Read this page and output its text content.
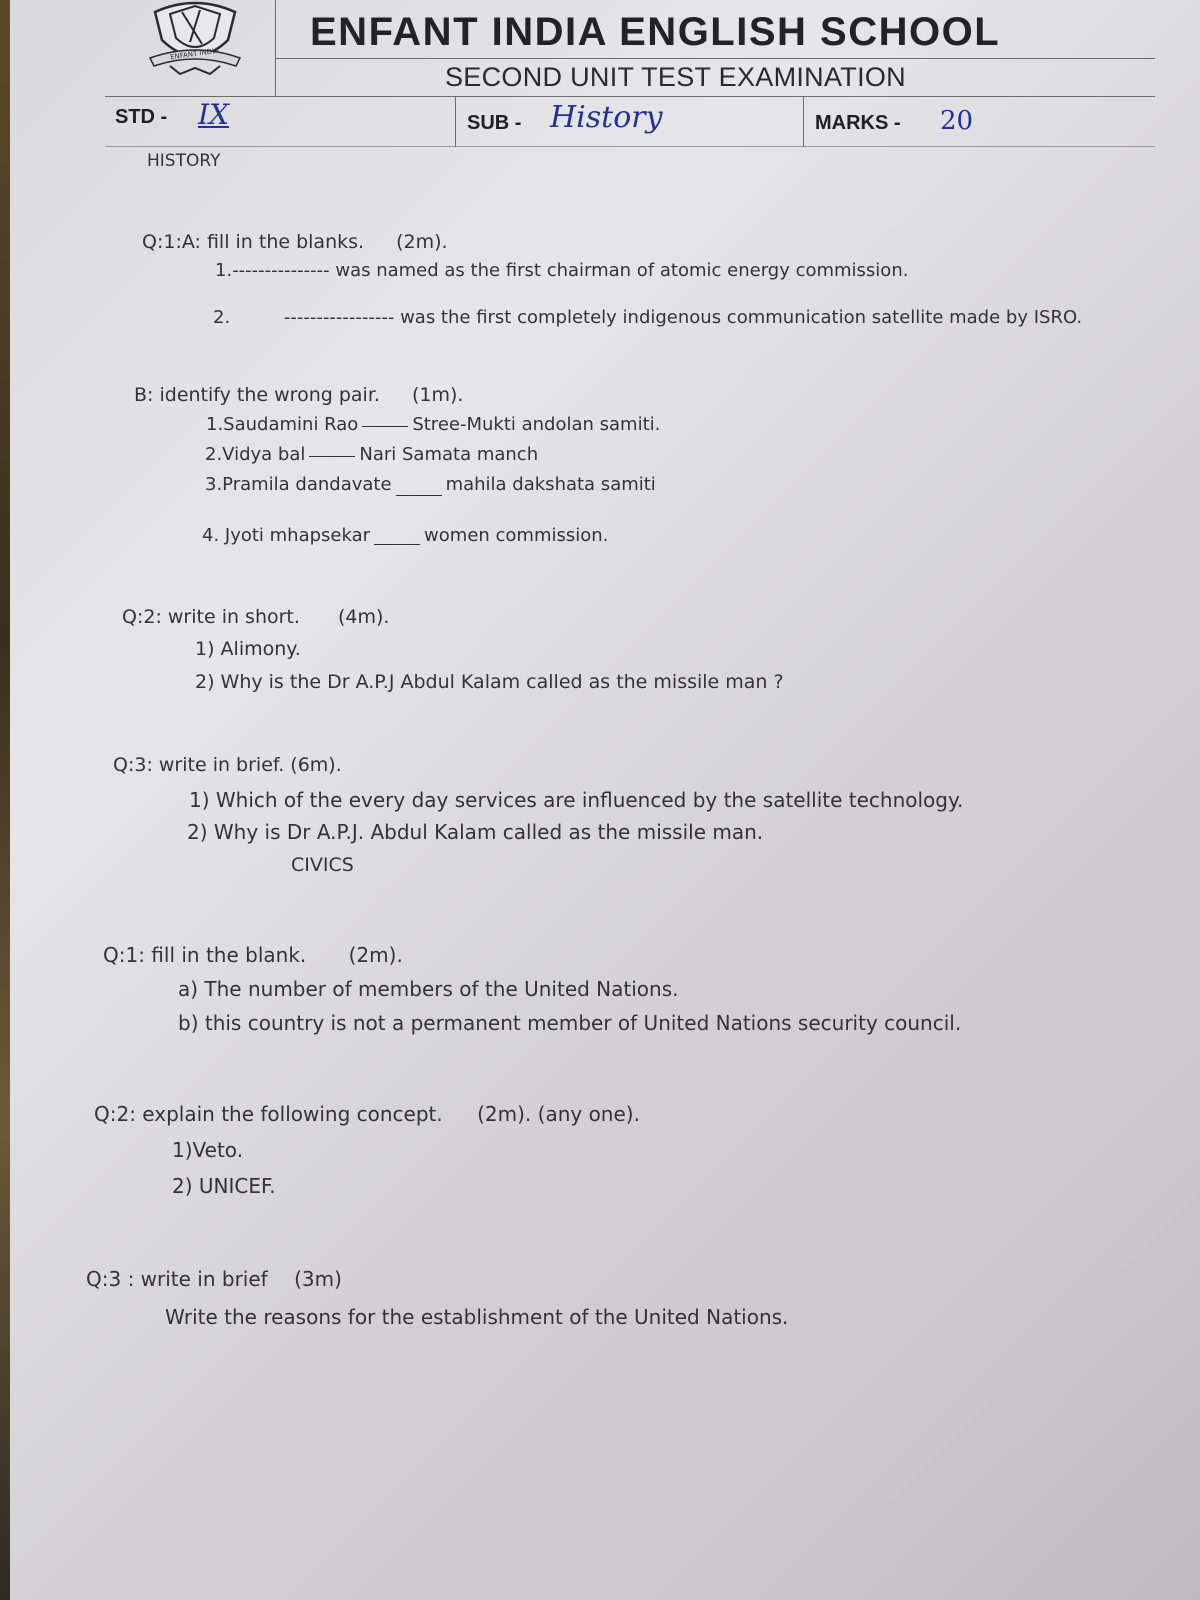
ENFANT INDIA ENFANT INDIA ENGLISH SCHOOL
SECOND UNIT TEST EXAMINATION
STD - IX	SUB - History	MARKS - 20
HISTORY
Q:1:A: fill in the blanks. (2m).
1.--------------- was named as the first chairman of atomic energy commission.
2.	----------------- was the first completely indigenous communication satellite made by ISRO.
B: identify the wrong pair. (1m).
1.Saudamini Rao	Stree-Mukti andolan samiti.
2.Vidya bal	Nari Samata manch
3.Pramila dandavate	mahila dakshata samiti
4. Jyoti mhapsekar	women commission.
Q:2: write in short. (4m).
1) Alimony.
2) Why is the Dr A.P.J Abdul Kalam called as the missile man ?
Q:3: write in brief. (6m).
1) Which of the every day services are influenced by the satellite technology.
2) Why is Dr A.P.J. Abdul Kalam called as the missile man.
CIVICS
Q:1: fill in the blank. (2m).
a) The number of members of the United Nations.
b) this country is not a permanent member of United Nations security council.
Q:2: explain the following concept. (2m). (any one).
1)Veto.
2) UNICEF.
Q:3 : write in brief (3m)
Write the reasons for the establishment of the United Nations.
